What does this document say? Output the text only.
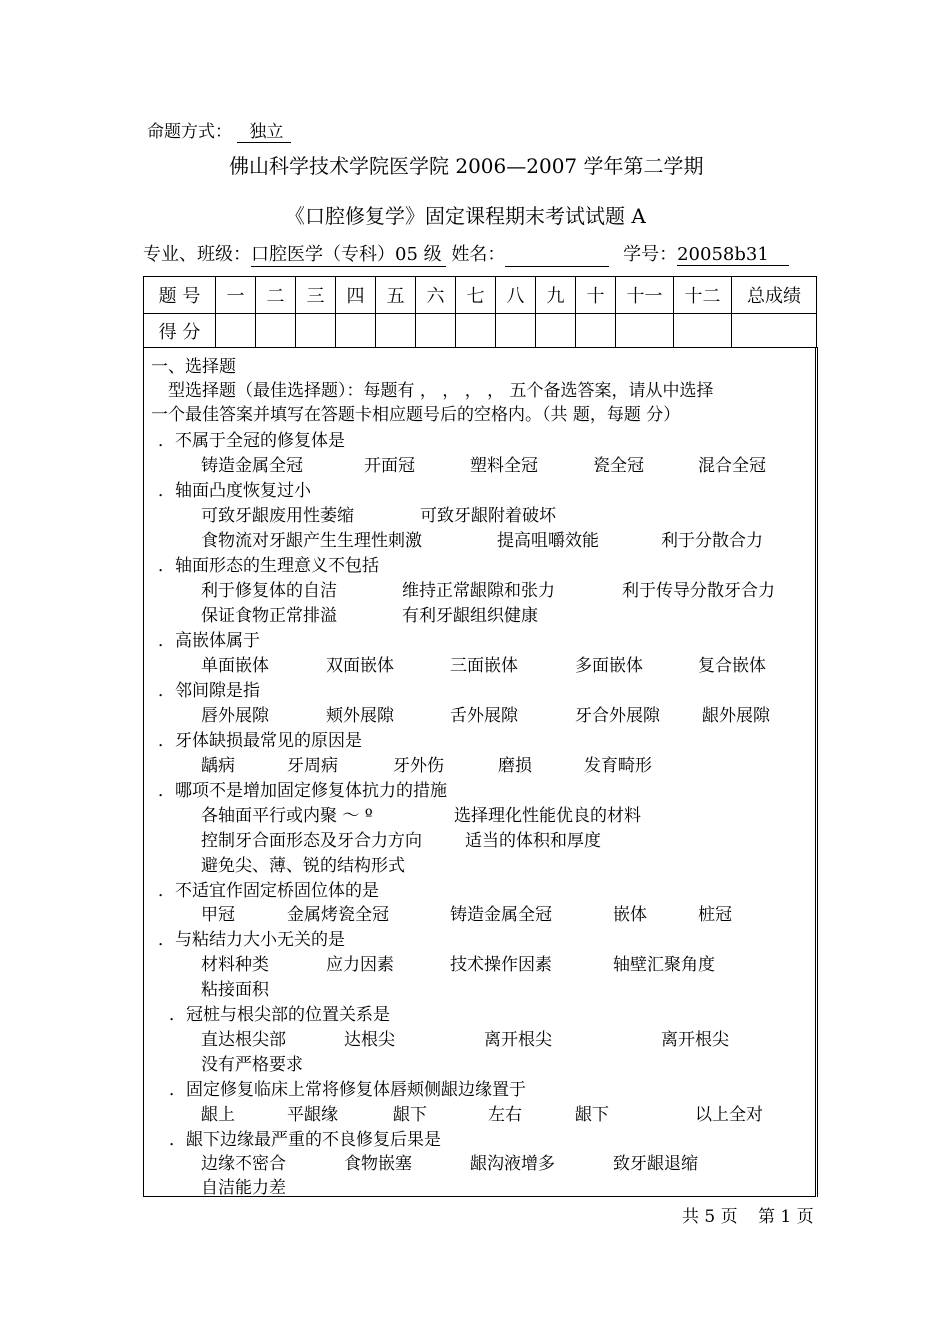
命题方式： 独立
佛山科学技术学院医学院 2006—2007 学年第二学期
《口腔修复学》固定课程期末考试试题 A
专业、班级：口腔医学（专科）05 级 姓名：	学号：20058b31
题 号	一	二	三	四	五	六	七	八	九	十	十一	十二	总成绩
得 分													
一、选择题
型选择题（最佳选择题）：每题有 ， ， ， ， 五个备选答案，请从中选择
一个最佳答案并填写在答题卡相应题号后的空格内。（共 题，每题 分）
．不属于全冠的修复体是
铸造金属全冠	开面冠	塑料全冠	瓷全冠	混合全冠
．轴面凸度恢复过小
可致牙龈废用性萎缩	可致牙龈附着破坏
食物流对牙龈产生生理性刺激	提高咀嚼效能	利于分散合力
．轴面形态的生理意义不包括
利于修复体的自洁	维持正常龈隙和张力	利于传导分散牙合力
保证食物正常排溢	有利牙龈组织健康
．高嵌体属于
单面嵌体	双面嵌体	三面嵌体	多面嵌体	复合嵌体
．邻间隙是指
唇外展隙	颊外展隙	舌外展隙	牙合外展隙 龈外展隙
．牙体缺损最常见的原因是
龋病	牙周病	牙外伤	磨损	发育畸形
．哪项不是增加固定修复体抗力的措施
各轴面平行或内聚 ～ º	选择理化性能优良的材料
控制牙合面形态及牙合力方向	适当的体积和厚度
避免尖、薄、锐的结构形式
．不适宜作固定桥固位体的是
甲冠	金属烤瓷全冠	铸造金属全冠	嵌体	桩冠
．与粘结力大小无关的是
材料种类	应力因素	技术操作因素	轴壁汇聚角度
粘接面积
．冠桩与根尖部的位置关系是
直达根尖部	达根尖	离开根尖	离开根尖
没有严格要求
．固定修复临床上常将修复体唇颊侧龈边缘置于
龈上	平龈缘	龈下	左右	龈下	以上全对
．龈下边缘最严重的不良修复后果是
边缘不密合	食物嵌塞	龈沟液增多	致牙龈退缩
自洁能力差
共 5 页 第 1 页
